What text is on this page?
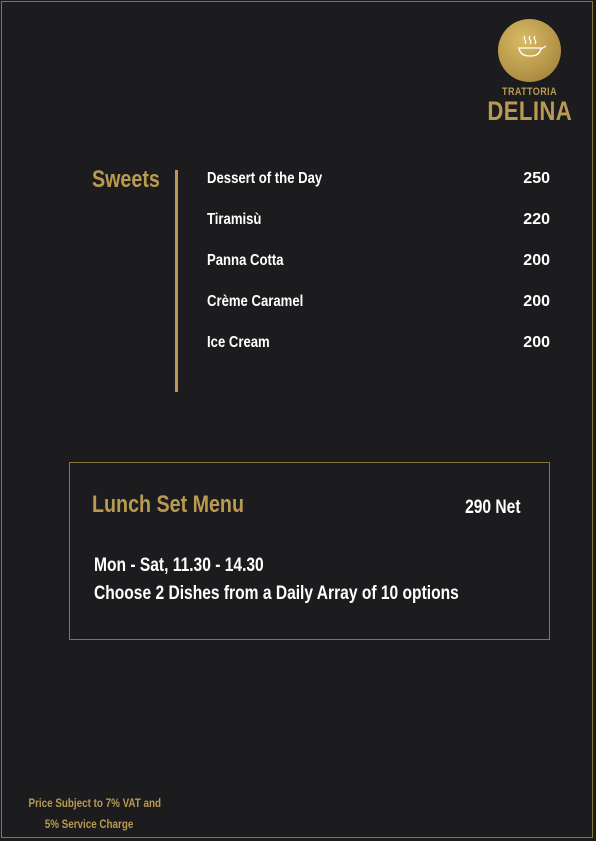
TRATTORIA
DELINA
Sweets	Dessert of the Day	250
Tiramisù	220
Panna Cotta	200
Crème Caramel	200
Ice Cream	200
Lunch Set Menu	290 Net
Mon - Sat, 11.30 - 14.30
Choose 2 Dishes from a Daily Array of 10 options
Price Subject to 7% VAT and
5% Service Charge
